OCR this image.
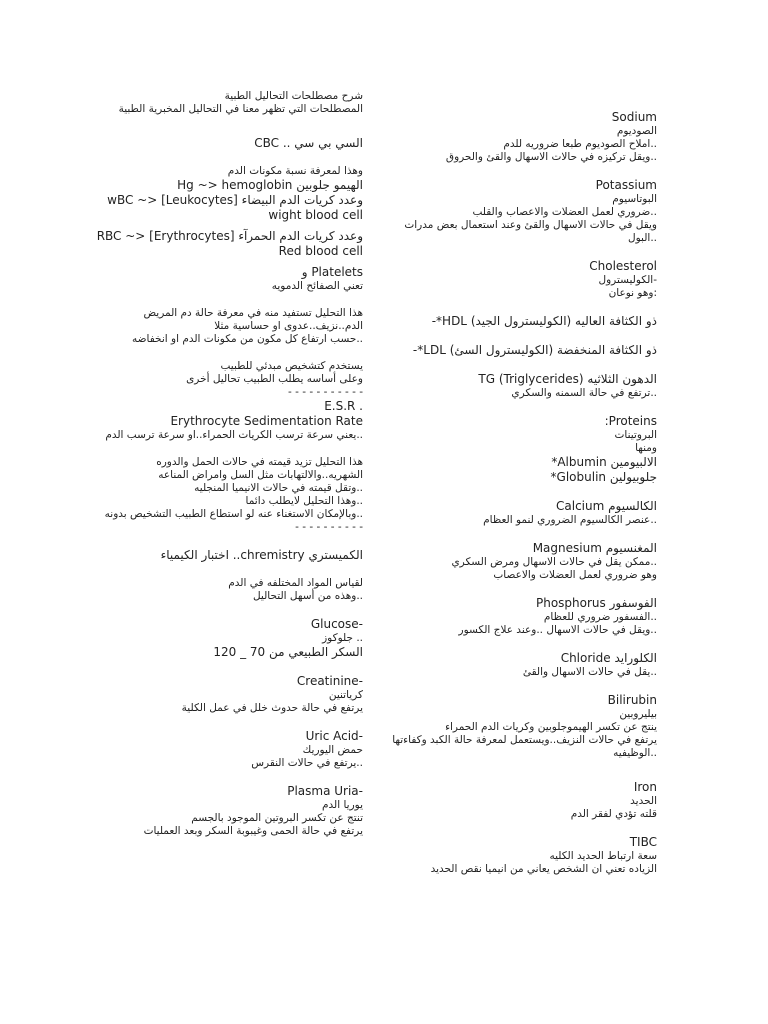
شرح مصطلحات التحاليل الطبية
المصطلحات التي تظهر معنا في التحاليل المخبرية الطبية
السي بي سي .. CBC
وهذا لمعرفة نسبة مكونات الدم
الهيمو جلوبين Hg ~> hemoglobin
وعدد كريات الدم البيضاء wBC ~> [Leukocytes]
wight blood cell
وعدد كريات الدم الحمرآء RBC ~> [Erythrocytes]
Red blood cell
Platelets و
تعني الصفائح الدمويه
هذا التحليل تستفيد منه في معرفة حالة دم المريض
الدم..نزيف..عدوى او حساسية مثلا
..حسب ارتفاع كل مكون من مكونات الدم او انخفاضه
يستخدم كتشخيص مبدئي للطبيب
وعلى أساسه يطلب الطبيب تحاليل أخرى
- - - - - - - - - - -
. E.S.R
Erythrocyte Sedimentation Rate
..يعني سرعة ترسب الكريات الحمراء..او سرعة ترسب الدم
هذا التحليل تزيد قيمته في حالات الحمل والدوره
الشهريه..والالتهابات مثل السل وامراض المناعه
..وتقل قيمته في حالات الانيميا المنجليه
..وهذا التحليل لايطلب دائما
..وبالإمكان الاستغناء عنه لو استطاع الطبيب التشخيص بدونه
- - - - - - - - - -
الكميستري chremistry.. اختبار الكيمياء
لقياس المواد المختلفه في الدم
..وهذه من أسهل التحاليل
-Glucose
.. جلوكوز
السكر الطبيعي من 70 _ 120
-Creatinine
كرياتنين
يرتفع في حالة حدوث خلل في عمل الكلية
-Uric Acid
حمض اليوريك
..يرتفع في حالات النقرس
-Plasma Uria
يوريا الدم
تنتج عن تكسر البروتين الموجود بالجسم
يرتفع في حالة الحمى وغيبوبة السكر وبعد العمليات
Sodium
الصوديوم
..املاح الصوديوم طبعا ضروريه للدم
..ويقل تركيزه في حالات الاسهال والقئ والحروق
Potassium
البوتاسيوم
..ضروري لعمل العضلات والاعصاب والقلب
ويقل في حالات الاسهال والقئ وعند استعمال بعض مدرات
..البول
Cholesterol
-الكوليسترول
:وهو نوعان
ذو الكثافة العاليه (الكوليسترول الجيد) HDL*-
ذو الكثافة المنخفضة (الكوليسترول السئ) LDL*-
الدهون الثلاثيه (TG (Triglycerides
..ترتفع في حالة السمنه والسكري
Proteins:
البروتينات
ومنها
الالبيومين Albumin*
جلوبيولين Globulin*
الكالسيوم Calcium
..عنصر الكالسيوم الضروري لنمو العظام
المغنسيوم Magnesium
..ممكن يقل في حالات الاسهال ومرض السكري
وهو ضروري لعمل العضلات والاعصاب
الفوسفور Phosphorus
..الفسفور ضروري للعظام
..ويقل في حالات الاسهال ..وعند علاج الكسور
الكلورايد Chloride
..يقل في حالات الاسهال والقئ
Bilirubin
بيليروبين
ينتج عن تكسر الهيموجلوبين وكريات الدم الحمراء
يرتفع في حالات النزيف..ويستعمل لمعرفة حالة الكبد وكفاءتها
..الوظيفيه
Iron
الحديد
قلته تؤدي لفقر الدم
TIBC
سعة ارتباط الحديد الكليه
الزياده تعني ان الشخص يعاني من انيميا نقص الحديد
